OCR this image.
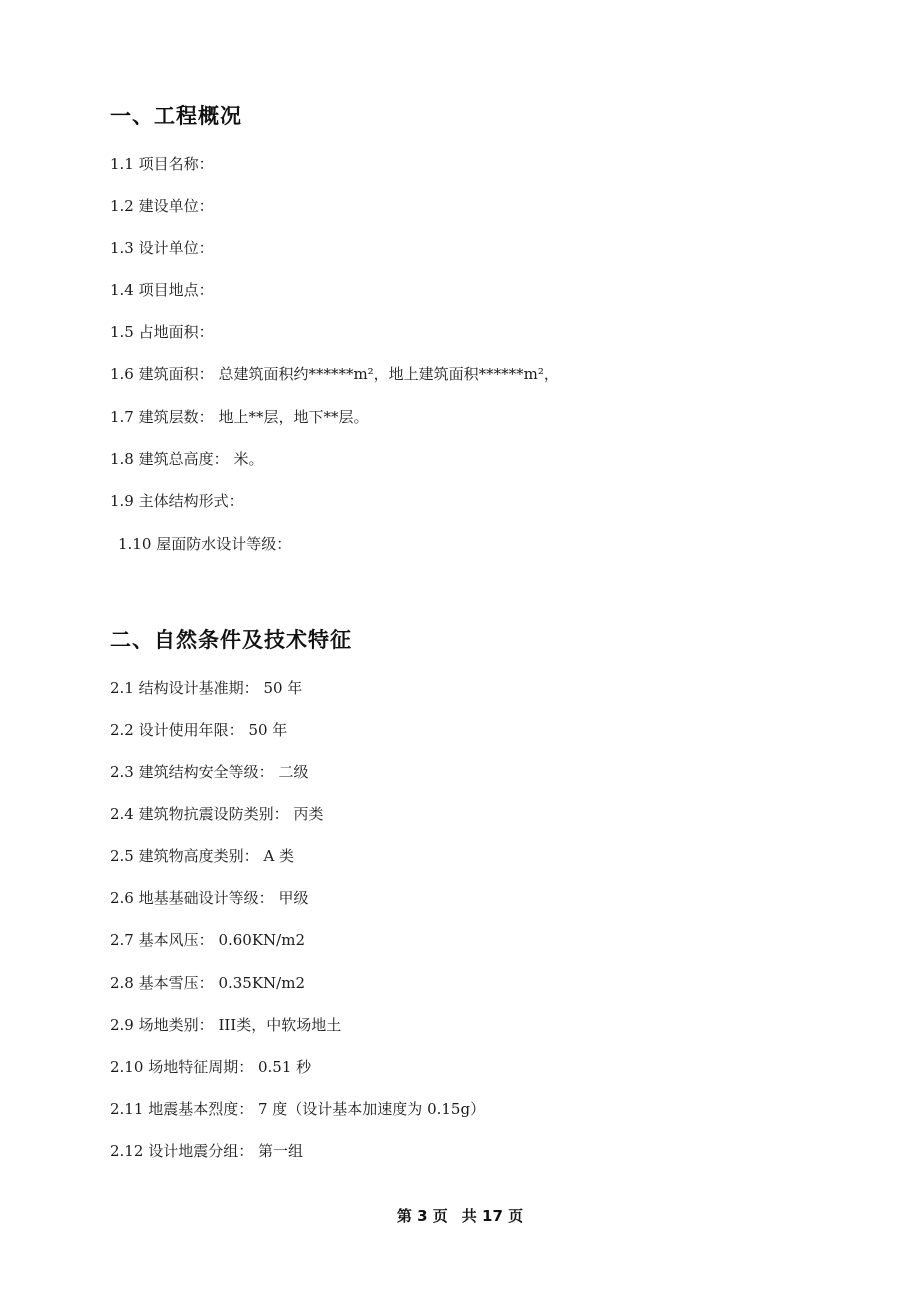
一、工程概况
1.1 项目名称：
1.2 建设单位：
1.3 设计单位：
1.4 项目地点：
1.5 占地面积：
1.6 建筑面积： 总建筑面积约******m²，地上建筑面积******m²，
1.7 建筑层数： 地上**层，地下**层。
1.8 建筑总高度： 米。
1.9 主体结构形式：
1.10 屋面防水设计等级：
二、自然条件及技术特征
2.1 结构设计基准期： 50 年
2.2 设计使用年限： 50 年
2.3 建筑结构安全等级： 二级
2.4 建筑物抗震设防类别： 丙类
2.5 建筑物高度类别： A 类
2.6 地基基础设计等级： 甲级
2.7 基本风压： 0.60KN/m2
2.8 基本雪压： 0.35KN/m2
2.9 场地类别： III类，中软场地土
2.10 场地特征周期： 0.51 秒
2.11 地震基本烈度： 7 度（设计基本加速度为 0.15g）
2.12 设计地震分组： 第一组
第 3 页 共 17 页
